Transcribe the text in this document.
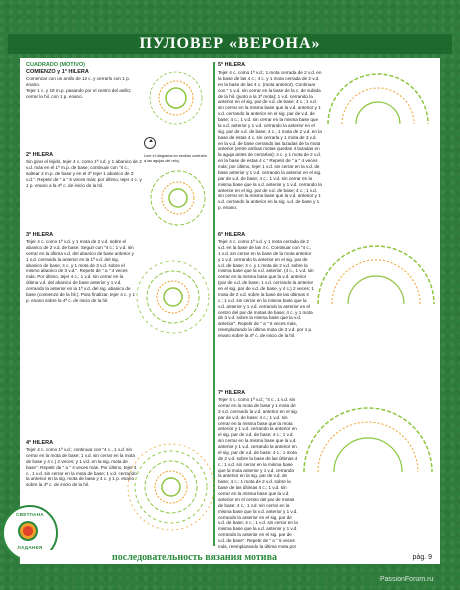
ПУЛОВЕР «ВЕРОНА»

CUADRADO (MOTIVO)

COMIENZO y 1ª HILERA

Comenzar con un anillo de 12 c. y cerrarlo con 1 p. enano.

Tejer 1 c. y 18 m.p. pasando por el centro del anillo; cerrar la hil. con 1 p. enano.

Leer el diagrama en sentido contrario a las agujas del reloj.

2ª HILERA

Sin girar el tejido, tejer 4 c. como 1ª v.d. y 1 abanico de 2 v.d. más en el 1º m.p. de base; continuar con "4 c., saltear 2 m.p. de base y en el 3º tejer 1 abanico de 3 v.d.". Repetir de " a " 5 veces más; por último, tejer 4 c. y 1 p. enano a la 4ª c. de inicio de la hil.

3ª HILERA

Tejer 4 c. como 1ª v.d. y 1 mota de 2 v.d. sobre el abanico de 2 v.d. de base. Seguir con "4 c.; 1 v.d. sin cerrar en la última v.d. del abanico de base anterior y 1 v.d. cerrando la anterior en la 1ª v.d. del sig. abanico de base; 4 c. y 1 mota de 3 v.d. sobre el mismo abanico de 3 v.d.". Repetir de " a " 4 veces más. Por último, tejer 4 c.; 1 v.d. sin cerrar en la última v.d. del abanico de base anterior y 1 v.d. cerrando la anterior en la 1ª v.d. del sig. abanico de base (comienzo de la hil.). Para finalizar, tejer 4 c. y 1 p. enano sobre la 4ª c. de inicio de la hil.

4ª HILERA

Tejer 4 c. como 1ª v.d.; continuar con "4 c., 1 v.d. sin cerrar en la mota de base; 1 v.d. sin cerrar en la mota de base y 4 c.) 2 veces; y 1 v.d. en la sig. mota de base". Repetir de " a " 4 veces más. Por último, tejer 4 c., 1 v.d. sin cerrar en la mota de base; 1 v.d. cerrando la anterior en la sig. mota de base y 4 c. y 1 p. enano sobre la 4ª c. de inicio de la hil.

5ª HILERA

Tejer 4 c. como 1ª v.d.; 1 mota cerrada de 2 v.d. en la base de las 4 c.; 4 c. y 1 mota cerrada de 2 v.d. en la base de las 4 c. (mota anterior). Continuar con " 1 v.d. sin cerrar en la base de la c. de subida de la hil. (junto a la 1ª mota); 1 v.d. cerrando la anterior en el sig. par de v.d. de base; 4 c.; 1 v.d. sin cerrar en la misma base que la v.d. anterior y 1 v.d. cerrando la anterior en el sig. par de v.d. de base; 4 c.; 1 v.d. sin cerrar en la misma base que la v.d. anterior y 1 v.d. cerrando la anterior en el sig. par de v.d. de base; 4 c.; 1 mota de 2 v.d. en la base de estas 4 c. sin cerrarla y 1 mota de 3 v.d. en la v.d. de base cerrando las lazadas de la mota anterior (entre ambas motas quedan 4 lazadas en la aguja antes de cerrarlas); 4 c. y 1 mota de 2 v.d. en la base de estas 4 c." Repetir de " a " 4 veces más; por último, tejer 1 v.d. sin cerrar en la v.d. de base anterior y 1 v.d. cerrando la anterior en el sig. par de v.d. de base; 4 c.; 1 v.d. sin cerrar en la misma base que la v.d. anterior y 1 v.d. cerrando la anterior en el sig. par de v.d. de base; 4 c.; 1 v.d. sin cerrar en la misma base que la v.d. anterior y 1 v.d. cerrando la anterior en la sig. v.d. de base y 1 p. enano.

6ª HILERA

Tejer 4 c. como 1ª v.d. y 1 mota cerrada de 2 v.d. en la base de las 4 c. Continuar con "4 c., 1 v.d. sin cerrar en la base de la mota anterior y 1 v.d. cerrando la anterior en el sig. par de v.d. de base; 4 c. y 1 mota de 2 v.d. sobre la misma base que la v.d. anterior. (4 c., 1 v.d. sin cerrar en la misma base que la v.d. anterior (par de v.d. de base; 1 v.d. cerrando la anterior en el sig. par de v.d. de base, y 4 c.) 2 veces; 1 mota de 2 v.d. sobre la base de las últimas 4 c.; 1 v.d. sin cerrar en la misma base que la v.d. anterior y 1 v.d. cerrando la anterior en el centro del par de motas de base; 4 c. y 1 mota de 3 v.d. sobre la misma base que la v.d. anterior". Repetir de " a " 5 veces más, reemplazando la última mota de 3 v.d. por 1 p. enano sobre la 4ª c. de inicio de la hil.

7ª HILERA

Tejer 4 c. como 1ª v.d.; "4 c., 1 v.d. sin cerrar en la mota de base y 1 mota de 3 v.d. cerrando la v.d. anterior en el sig. par de v.d. de base; 4 c.; 1 v.d. sin cerrar en la misma base que la mota anterior y 1 v.d. cerrando la anterior en el sig. par de v.d. de base; 4 c.; 1 v.d. sin cerrar en la misma base que la v.d. anterior y 1 v.d. cerrando la anterior en el sig. par de v.d. de base; 4 c.; 1 mota de 2 v.d. sobre la base de las últimas 4 c.; 1 v.d. sin cerrar en la misma base que la mota anterior y 1 v.d. cerrando la anterior en la sig. par de v.d. de base; 4 c.; 1 mota de 2 v.d. sobre la base de las últimas 4 c.; 1 v.d. sin cerrar en la misma base que la v.d. anterior en el centro del par de motas de base; 4 c.; 1 v.d. sin cerrar en la misma base que la v.d. anterior y 1 v.d. cerrando la anterior en el sig. par de v.d. de base; 4 c.; 1 v.d. sin cerrar en la misma base que la v.d. anterior y 1 v.d. cerrando la anterior en el sig. par de v.d. de base". Repetir de " a " 5 veces más, reemplazando la última mota por

СВЕТЛАНА
ЛАДАНЕЯ
последовательность вязания мотива	pág. 9
PassionForum.ru
